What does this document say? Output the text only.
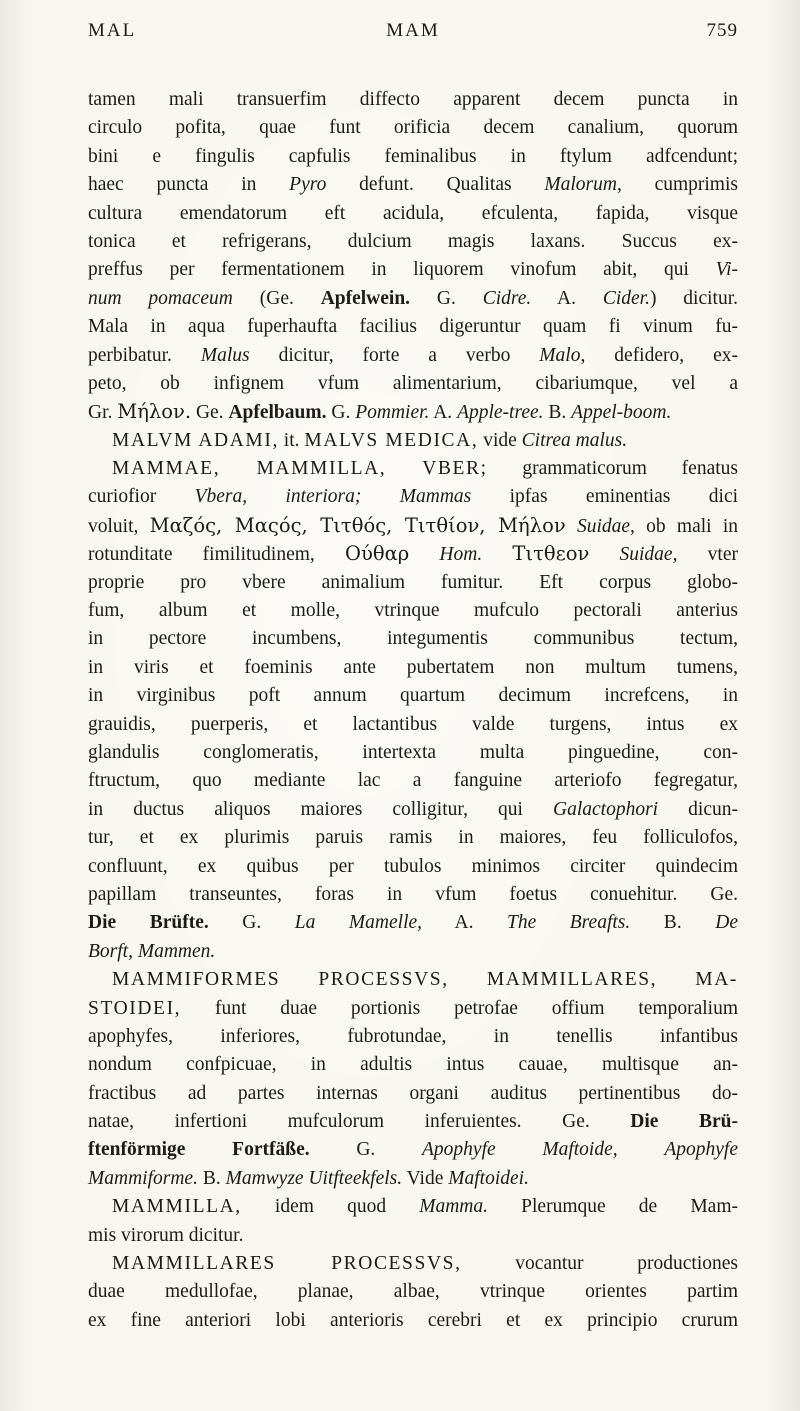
MAL	MAM	759
tamen mali transuerfim diffecto apparent decem puncta in
circulo pofita, quae funt orificia decem canalium, quorum
bini e fingulis capfulis feminalibus in ftylum adfcendunt;
haec puncta in Pyro defunt. Qualitas Malorum, cumprimis
cultura emendatorum eft acidula, efculenta, fapida, visque
tonica et refrigerans, dulcium magis laxans. Succus ex-
preffus per fermentationem in liquorem vinofum abit, qui Vi-
num pomaceum (Ge. Apfelwein. G. Cidre. A. Cider.) dicitur.
Mala in aqua fuperhaufta facilius digeruntur quam fi vinum fu-
perbibatur. Malus dicitur, forte a verbo Malo, defidero, ex-
peto, ob infignem vfum alimentarium, cibariumque, vel a
Gr. Μήλον. Ge. Apfelbaum. G. Pommier. A. Apple-tree. B. Appel-boom.
MALVM ADAMI, it. MALVS MEDICA, vide Citrea malus.
MAMMAE, MAMMILLA, VBER; grammaticorum fenatus
curiofior Vbera, interiora; Mammas ipfas eminentias dici
voluit, Μαζός, Μαςός, Τιτθός, Τιτθίον, Μήλον Suidae, ob mali in
rotunditate fimilitudinem, Ούθαρ Hom. Τιτθεον Suidae, vter
proprie pro vbere animalium fumitur. Eft corpus globo-
fum, album et molle, vtrinque mufculo pectorali anterius
in pectore incumbens, integumentis communibus tectum,
in viris et foeminis ante pubertatem non multum tumens,
in virginibus poft annum quartum decimum increfcens, in
grauidis, puerperis, et lactantibus valde turgens, intus ex
glandulis conglomeratis, intertexta multa pinguedine, con-
ftructum, quo mediante lac a fanguine arteriofo fegregatur,
in ductus aliquos maiores colligitur, qui Galactophori dicun-
tur, et ex plurimis paruis ramis in maiores, feu folliculofos,
confluunt, ex quibus per tubulos minimos circiter quindecim
papillam transeuntes, foras in vfum foetus conuehitur. Ge.
Die Brüfte. G. La Mamelle, A. The Breafts. B. De
Borft, Mammen.
MAMMIFORMES PROCESSVS, MAMMILLARES, MA-
STOIDEI, funt duae portionis petrofae offium temporalium
apophyfes, inferiores, fubrotundae, in tenellis infantibus
nondum confpicuae, in adultis intus cauae, multisque an-
fractibus ad partes internas organi auditus pertinentibus do-
natae, infertioni mufculorum inferuientes. Ge. Die Brü-
ftenförmige Fortfäße. G. Apophyfe Maftoide, Apophyfe
Mammiforme. B. Mamwyze Uitfteekfels. Vide Maftoidei.
MAMMILLA, idem quod Mamma. Plerumque de Mam-
mis virorum dicitur.
MAMMILLARES PROCESSVS, vocantur productiones
duae medullofae, planae, albae, vtrinque orientes partim
ex fine anteriori lobi anterioris cerebri et ex principio crurum
